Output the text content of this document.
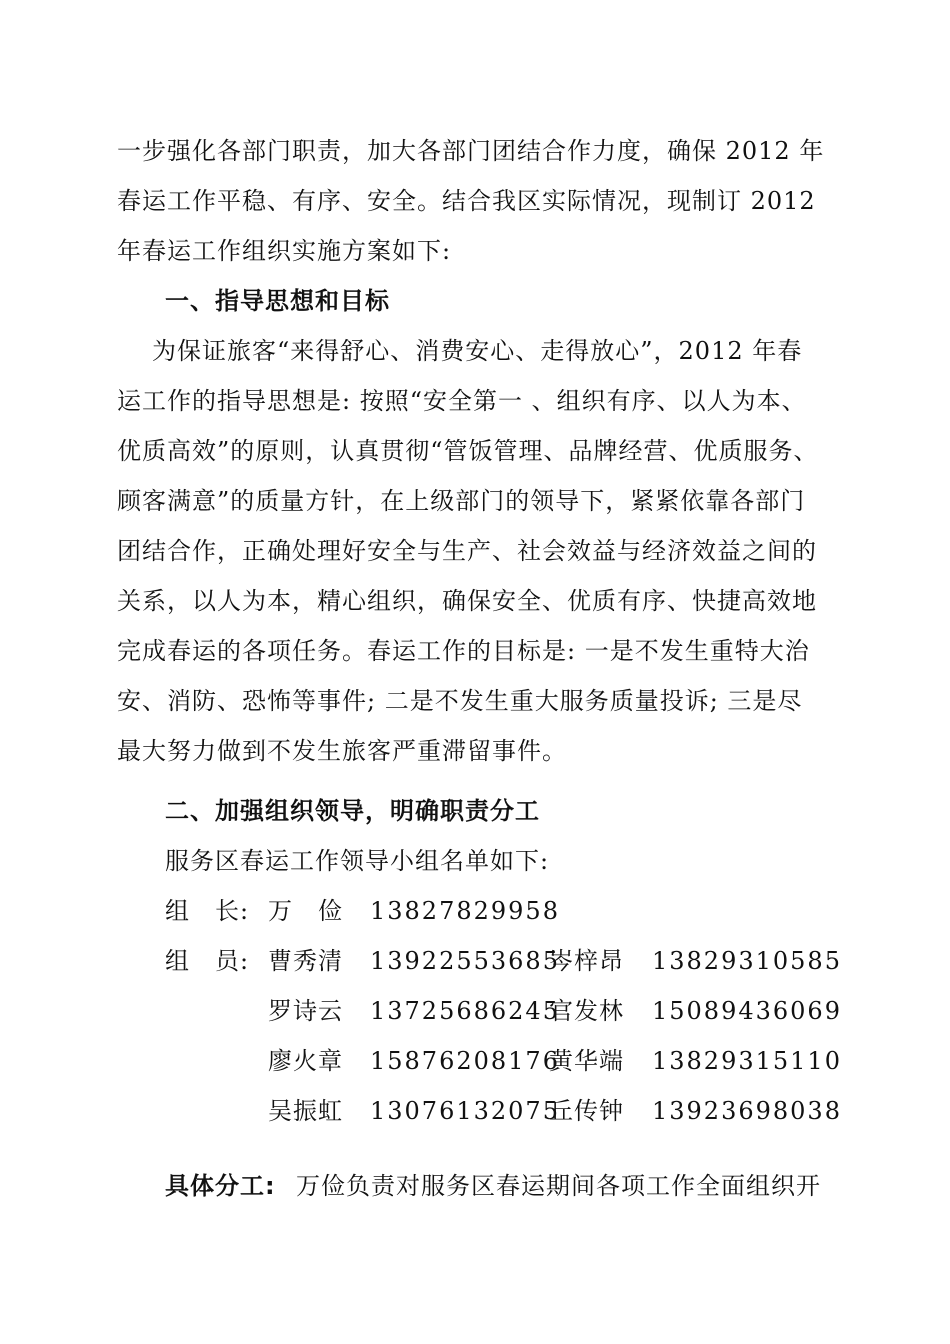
一步强化各部门职责，加大各部门团结合作力度，确保 2012 年
春运工作平稳、有序、安全。结合我区实际情况，现制订 2012
年春运工作组织实施方案如下:
一、指导思想和目标
为保证旅客“来得舒心、消费安心、走得放心”，2012 年春
运工作的指导思想是: 按照“安全第一 、组织有序、以人为本、
优质高效”的原则，认真贯彻“管饭管理、品牌经营、优质服务、
顾客满意”的质量方针，在上级部门的领导下，紧紧依靠各部门
团结合作，正确处理好安全与生产、社会效益与经济效益之间的
关系，以人为本，精心组织，确保安全、优质有序、快捷高效地
完成春运的各项任务。春运工作的目标是: 一是不发生重特大治
安、消防、恐怖等事件; 二是不发生重大服务质量投诉; 三是尽
最大努力做到不发生旅客严重滞留事件。
二、加强组织领导，明确职责分工
服务区春运工作领导小组名单如下:
组　长: 万　俭 13827829958
组　员: 曹秀清 13922553685
岑梓昂 13829310585
罗诗云 13725686245
官发林 15089436069
廖火章 15876208176
黄华端 13829315110
吴振虹 13076132075
丘传钟 13923698038
具体分工: 万俭负责对服务区春运期间各项工作全面组织开
